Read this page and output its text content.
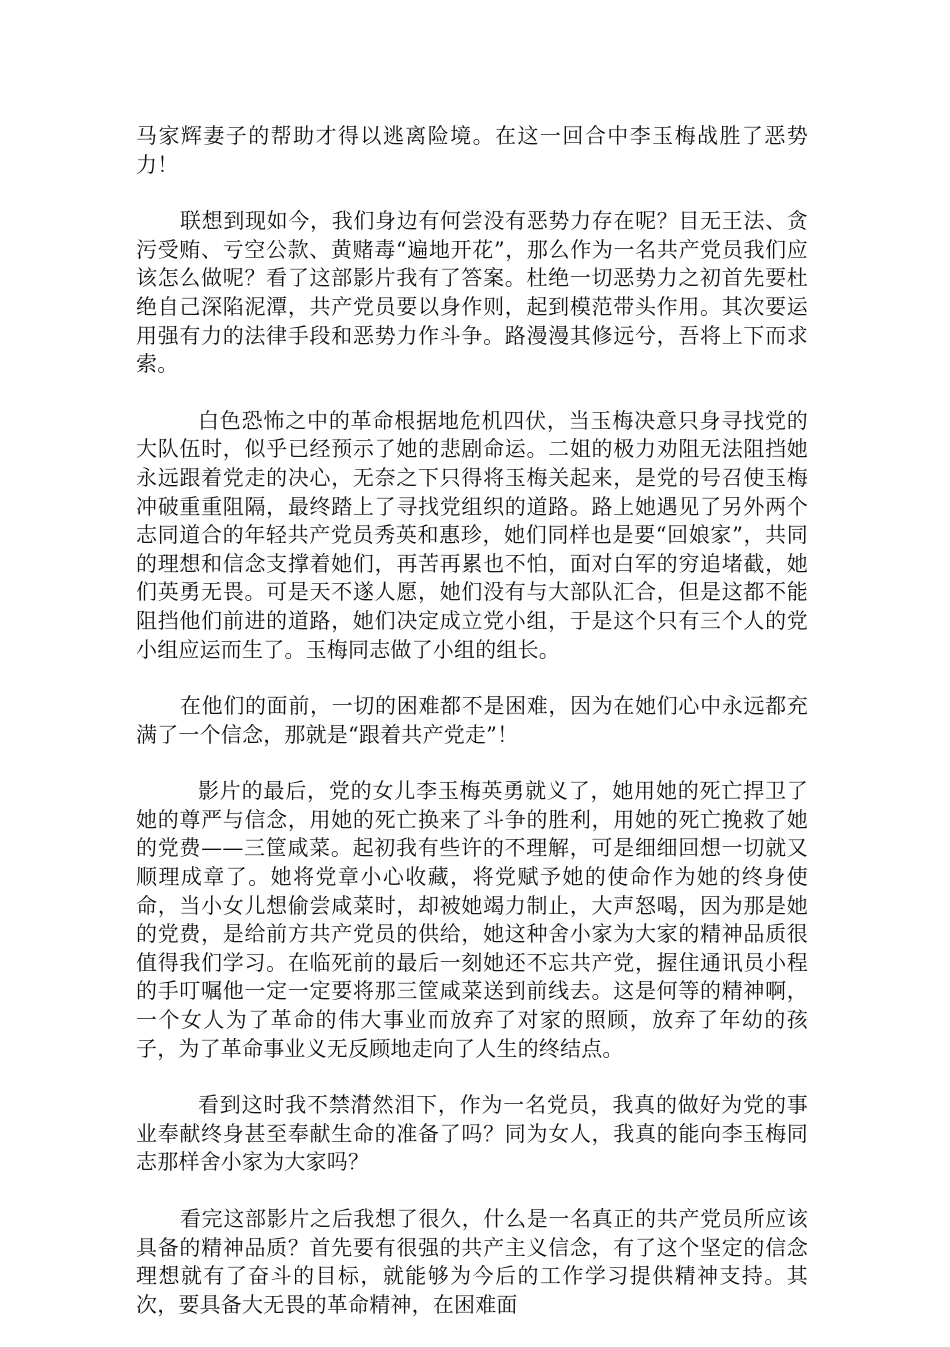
马家辉妻子的帮助才得以逃离险境。在这一回合中李玉梅战胜了恶势力！

联想到现如今，我们身边有何尝没有恶势力存在呢？目无王法、贪污受贿、亏空公款、黄赌毒“遍地开花”，那么作为一名共产党员我们应该怎么做呢？看了这部影片我有了答案。杜绝一切恶势力之初首先要杜绝自己深陷泥潭，共产党员要以身作则，起到模范带头作用。其次要运用强有力的法律手段和恶势力作斗争。路漫漫其修远兮，吾将上下而求索。

白色恐怖之中的革命根据地危机四伏，当玉梅决意只身寻找党的大队伍时，似乎已经预示了她的悲剧命运。二姐的极力劝阻无法阻挡她永远跟着党走的决心，无奈之下只得将玉梅关起来，是党的号召使玉梅冲破重重阻隔，最终踏上了寻找党组织的道路。路上她遇见了另外两个志同道合的年轻共产党员秀英和惠珍，她们同样也是要“回娘家”，共同的理想和信念支撑着她们，再苦再累也不怕，面对白军的穷追堵截，她们英勇无畏。可是天不遂人愿，她们没有与大部队汇合，但是这都不能阻挡他们前进的道路，她们决定成立党小组，于是这个只有三个人的党小组应运而生了。玉梅同志做了小组的组长。

在他们的面前，一切的困难都不是困难，因为在她们心中永远都充满了一个信念，那就是“跟着共产党走”！

影片的最后，党的女儿李玉梅英勇就义了，她用她的死亡捍卫了她的尊严与信念，用她的死亡换来了斗争的胜利，用她的死亡挽救了她的党费——三筐咸菜。起初我有些许的不理解，可是细细回想一切就又顺理成章了。她将党章小心收藏，将党赋予她的使命作为她的终身使命，当小女儿想偷尝咸菜时，却被她竭力制止，大声怒喝，因为那是她的党费，是给前方共产党员的供给，她这种舍小家为大家的精神品质很值得我们学习。在临死前的最后一刻她还不忘共产党，握住通讯员小程的手叮嘱他一定一定要将那三筐咸菜送到前线去。这是何等的精神啊，一个女人为了革命的伟大事业而放弃了对家的照顾，放弃了年幼的孩子，为了革命事业义无反顾地走向了人生的终结点。

看到这时我不禁潸然泪下，作为一名党员，我真的做好为党的事业奉献终身甚至奉献生命的准备了吗？同为女人，我真的能向李玉梅同志那样舍小家为大家吗？

看完这部影片之后我想了很久，什么是一名真正的共产党员所应该具备的精神品质？首先要有很强的共产主义信念，有了这个坚定的信念理想就有了奋斗的目标，就能够为今后的工作学习提供精神支持。其次，要具备大无畏的革命精神，在困难面
